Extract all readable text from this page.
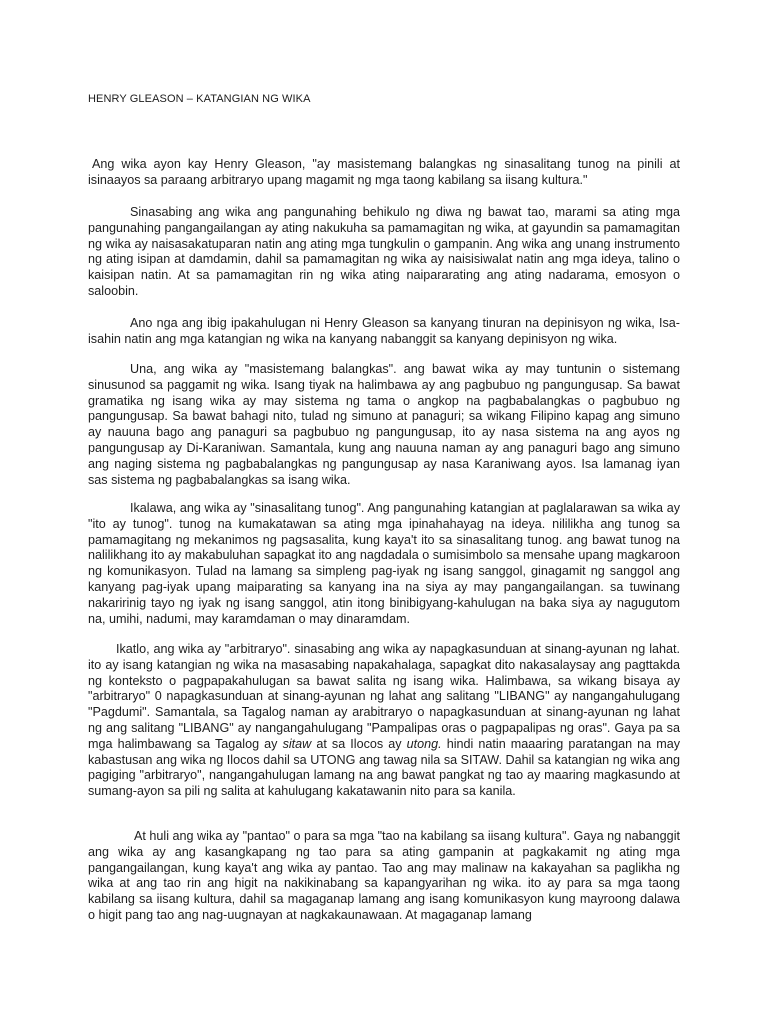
HENRY GLEASON – KATANGIAN NG WIKA

Ang wika ayon kay Henry Gleason, "ay masistemang balangkas ng sinasalitang tunog na pinili at isinaayos sa paraang arbitraryo upang magamit ng mga taong kabilang sa iisang kultura."

Sinasabing ang wika ang pangunahing behikulo ng diwa ng bawat tao, marami sa ating mga pangunahing pangangailangan ay ating nakukuha sa pamamagitan ng wika, at gayundin sa pamamagitan ng wika ay naisasakatuparan natin ang ating mga tungkulin o gampanin. Ang wika ang unang instrumento ng ating isipan at damdamin, dahil sa pamamagitan ng wika ay naisisiwalat natin ang mga ideya, talino o kaisipan natin. At sa pamamagitan rin ng wika ating naipararating ang ating nadarama, emosyon o saloobin.

Ano nga ang ibig ipakahulugan ni Henry Gleason sa kanyang tinuran na depinisyon ng wika, Isa-isahin natin ang mga katangian ng wika na kanyang nabanggit sa kanyang depinisyon ng wika.

Una, ang wika ay "masistemang balangkas". ang bawat wika ay may tuntunin o sistemang sinusunod sa paggamit ng wika. Isang tiyak na halimbawa ay ang pagbubuo ng pangungusap. Sa bawat gramatika ng isang wika ay may sistema ng tama o angkop na pagbabalangkas o pagbubuo ng pangungusap. Sa bawat bahagi nito, tulad ng simuno at panaguri; sa wikang Filipino kapag ang simuno ay nauuna bago ang panaguri sa pagbubuo ng pangungusap, ito ay nasa sistema na ang ayos ng pangungusap ay Di-Karaniwan. Samantala, kung ang nauuna naman ay ang panaguri bago ang simuno ang naging sistema ng pagbabalangkas ng pangungusap ay nasa Karaniwang ayos. Isa lamanag iyan sas sistema ng pagbabalangkas sa isang wika.

Ikalawa, ang wika ay "sinasalitang tunog". Ang pangunahing katangian at paglalarawan sa wika ay "ito ay tunog". tunog na kumakatawan sa ating mga ipinahahayag na ideya. nililikha ang tunog sa pamamagitang ng mekanimos ng pagsasalita, kung kaya't ito sa sinasalitang tunog. ang bawat tunog na nalilikhang ito ay makabuluhan sapagkat ito ang nagdadala o sumisimbolo sa mensahe upang magkaroon ng komunikasyon. Tulad na lamang sa simpleng pag-iyak ng isang sanggol, ginagamit ng sanggol ang kanyang pag-iyak upang maiparating sa kanyang ina na siya ay may pangangailangan. sa tuwinang nakaririnig tayo ng iyak ng isang sanggol, atin itong binibigyang-kahulugan na baka siya ay nagugutom na, umihi, nadumi, may karamdaman o may dinaramdam.

Ikatlo, ang wika ay "arbitraryo". sinasabing ang wika ay napagkasunduan at sinang-ayunan ng lahat. ito ay isang katangian ng wika na masasabing napakahalaga, sapagkat dito nakasalaysay ang pagttakda ng konteksto o pagpapakahulugan sa bawat salita ng isang wika. Halimbawa, sa wikang bisaya ay "arbitraryo" 0 napagkasunduan at sinang-ayunan ng lahat ang salitang "LIBANG" ay nangangahulugang "Pagdumi". Samantala, sa Tagalog naman ay arabitraryo o napagkasunduan at sinang-ayunan ng lahat ng ang salitang "LIBANG" ay nangangahulugang "Pampalipas oras o pagpapalipas ng oras". Gaya pa sa mga halimbawang sa Tagalog ay sitaw at sa Ilocos ay utong. hindi natin maaaring paratangan na may kabastusan ang wika ng Ilocos dahil sa UTONG ang tawag nila sa SITAW. Dahil sa katangian ng wika ang pagiging "arbitraryo", nangangahulugan lamang na ang bawat pangkat ng tao ay maaring magkasundo at sumang-ayon sa pili ng salita at kahulugang kakatawanin nito para sa kanila.

At huli ang wika ay "pantao" o para sa mga "tao na kabilang sa iisang kultura". Gaya ng nabanggit ang wika ay ang kasangkapang ng tao para sa ating gampanin at pagkakamit ng ating mga pangangailangan, kung kaya't ang wika ay pantao. Tao ang may malinaw na kakayahan sa paglikha ng wika at ang tao rin ang higit na nakikinabang sa kapangyarihan ng wika. ito ay para sa mga taong kabilang sa iisang kultura, dahil sa magaganap lamang ang isang komunikasyon kung mayroong dalawa o higit pang tao ang nag-uugnayan at nagkakaunawaan. At magaganap lamang
